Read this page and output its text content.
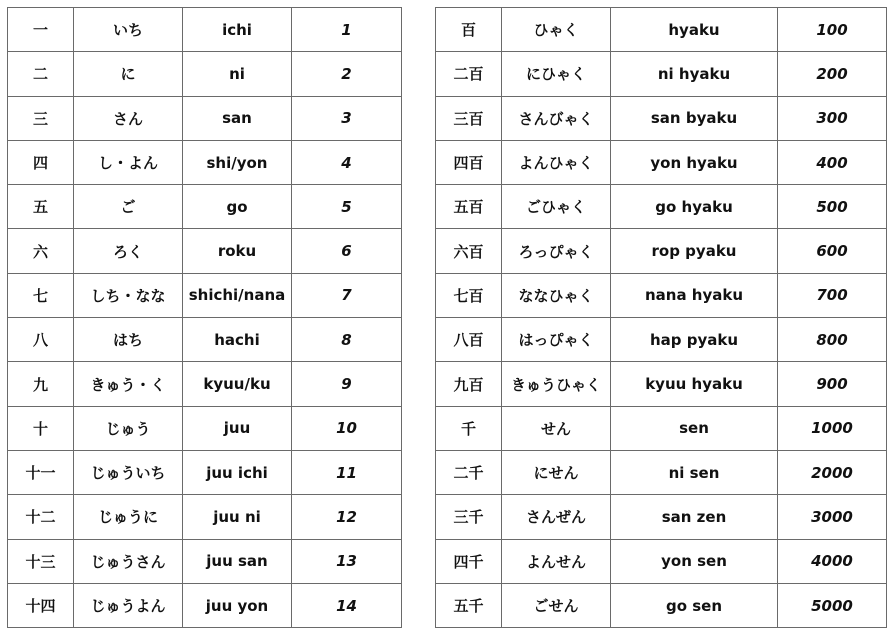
一	いち	ichi	1
二	に	ni	2
三	さん	san	3
四	し・よん	shi/yon	4
五	ご	go	5
六	ろく	roku	6
七	しち・なな	shichi/nana	7
八	はち	hachi	8
九	きゅう・く	kyuu/ku	9
十	じゅう	juu	10
十一	じゅういち	juu ichi	11
十二	じゅうに	juu ni	12
十三	じゅうさん	juu san	13
十四	じゅうよん	juu yon	14
百	ひゃく	hyaku	100
二百	にひゃく	ni hyaku	200
三百	さんびゃく	san byaku	300
四百	よんひゃく	yon hyaku	400
五百	ごひゃく	go hyaku	500
六百	ろっぴゃく	rop pyaku	600
七百	ななひゃく	nana hyaku	700
八百	はっぴゃく	hap pyaku	800
九百	きゅうひゃく	kyuu hyaku	900
千	せん	sen	1000
二千	にせん	ni sen	2000
三千	さんぜん	san zen	3000
四千	よんせん	yon sen	4000
五千	ごせん	go sen	5000
